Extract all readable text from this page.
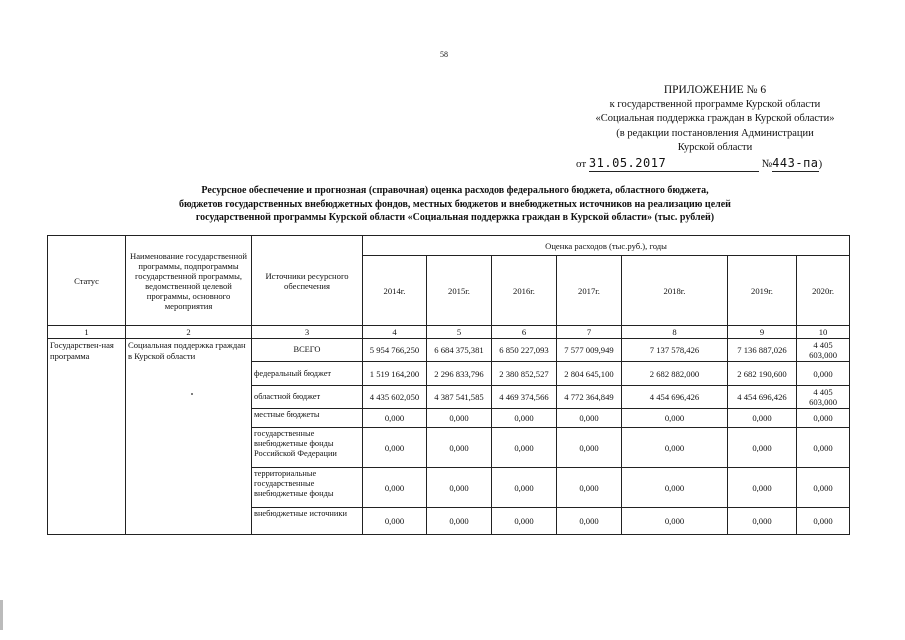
58
ПРИЛОЖЕНИЕ № 6
к государственной программе Курской области
«Социальная поддержка граждан в Курской области»
(в редакции постановления Администрации
Курской области
от 31.05.2017	№443-па)
Ресурсное обеспечение и прогнозная (справочная) оценка расходов федерального бюджета, областного бюджета,
бюджетов государственных внебюджетных фондов, местных бюджетов и внебюджетных источников на реализацию целей
государственной программы Курской области «Социальная поддержка граждан в Курской области» (тыс. рублей)
Статус	Наименование государственной программы, подпрограммы государственной программы, ведомственной целевой программы, основного мероприятия	Источники ресурсного обеспечения	Оценка расходов (тыс.руб.), годы						
			2014г.	2015г.	2016г.	2017г.	2018г.	2019г.	2020г.
1	2	3	4	5	6	7	8	9	10
Государствен-ная программа	Социальная поддержка граждан в Курской области	ВСЕГО	5 954 766,250	6 684 375,381	6 850 227,093	7 577 009,949	7 137 578,426	7 136 887,026	4 405 603,000
		федеральный бюджет	1 519 164,200	2 296 833,796	2 380 852,527	2 804 645,100	2 682 882,000	2 682 190,600	0,000
		областной бюджет	4 435 602,050	4 387 541,585	4 469 374,566	4 772 364,849	4 454 696,426	4 454 696,426	4 405 603,000
		местные бюджеты	0,000	0,000	0,000	0,000	0,000	0,000	0,000
		государственные внебюджетные фонды Российской Федерации	0,000	0,000	0,000	0,000	0,000	0,000	0,000
		территориальные государственные внебюджетные фонды	0,000	0,000	0,000	0,000	0,000	0,000	0,000
		внебюджетные источники	0,000	0,000	0,000	0,000	0,000	0,000	0,000
